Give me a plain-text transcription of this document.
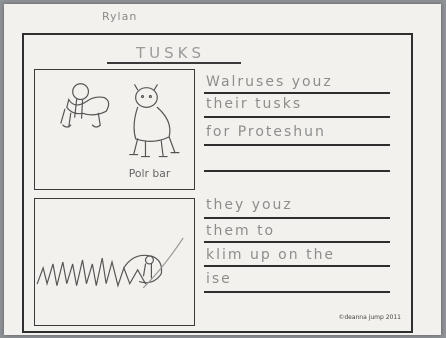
Rylan
TUSKS
Polr bar
Walruses youz
their tusks
for Proteshun
they youz
them to
klim up on the
ise
©deanna jump 2011
